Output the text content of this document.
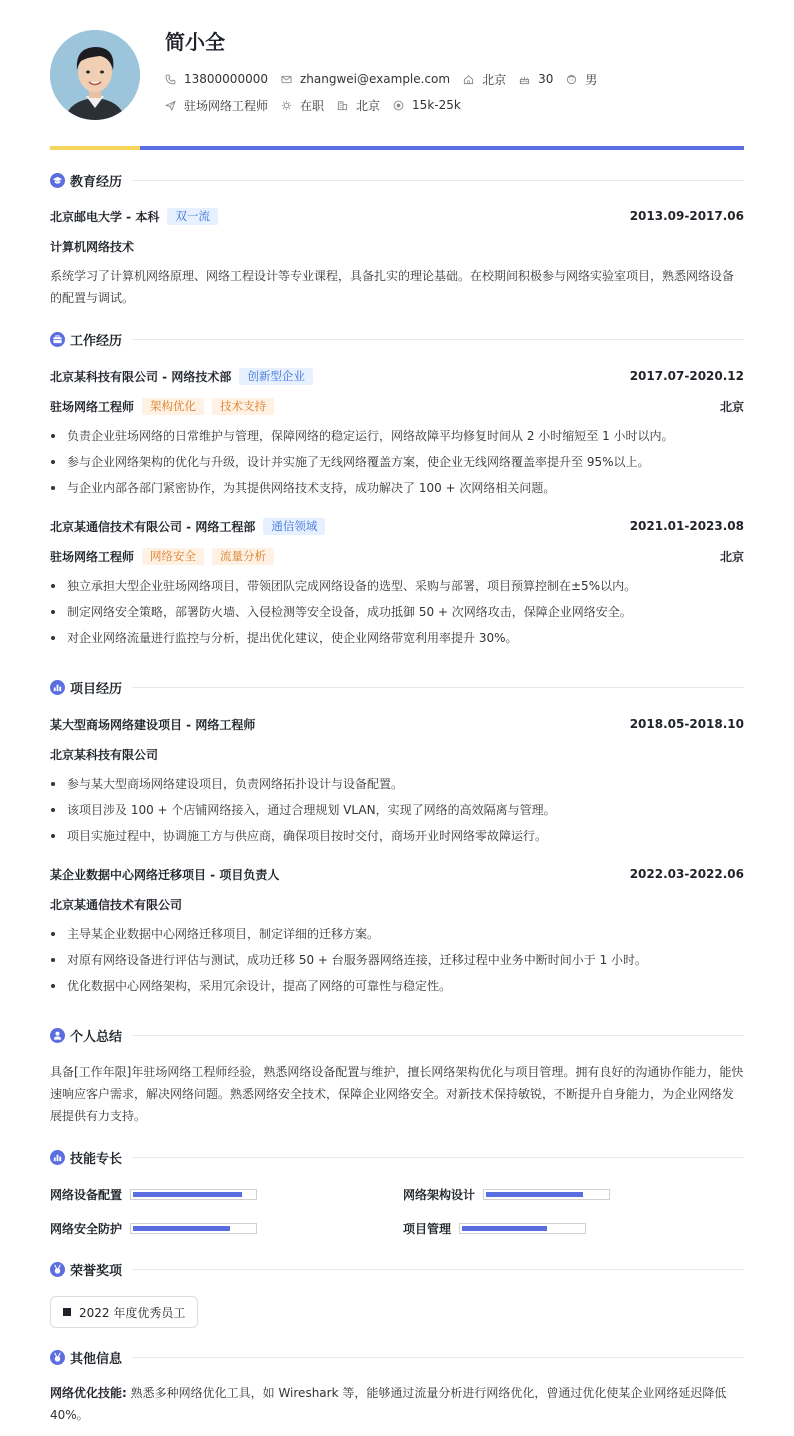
简小全
13800000000	zhangwei@example.com	北京	30	男
驻场网络工程师	在职	北京	15k-25k
教育经历
北京邮电大学 - 本科	双一流	2013.09-2017.06
计算机网络技术
系统学习了计算机网络原理、网络工程设计等专业课程，具备扎实的理论基础。在校期间积极参与网络实验室项目，熟悉网络设备的配置与调试。
工作经历
北京某科技有限公司 - 网络技术部	创新型企业	2017.07-2020.12
驻场网络工程师	架构优化	技术支持	北京
负责企业驻场网络的日常维护与管理，保障网络的稳定运行，网络故障平均修复时间从 2 小时缩短至 1 小时以内。
参与企业网络架构的优化与升级，设计并实施了无线网络覆盖方案，使企业无线网络覆盖率提升至 95%以上。
与企业内部各部门紧密协作，为其提供网络技术支持，成功解决了 100 + 次网络相关问题。
北京某通信技术有限公司 - 网络工程部	通信领域	2021.01-2023.08
驻场网络工程师	网络安全	流量分析	北京
独立承担大型企业驻场网络项目，带领团队完成网络设备的选型、采购与部署，项目预算控制在±5%以内。
制定网络安全策略，部署防火墙、入侵检测等安全设备，成功抵御 50 + 次网络攻击，保障企业网络安全。
对企业网络流量进行监控与分析，提出优化建议，使企业网络带宽利用率提升 30%。
项目经历
某大型商场网络建设项目 - 网络工程师	2018.05-2018.10
北京某科技有限公司
参与某大型商场网络建设项目，负责网络拓扑设计与设备配置。
该项目涉及 100 + 个店铺网络接入，通过合理规划 VLAN，实现了网络的高效隔离与管理。
项目实施过程中，协调施工方与供应商，确保项目按时交付，商场开业时网络零故障运行。
某企业数据中心网络迁移项目 - 项目负责人	2022.03-2022.06
北京某通信技术有限公司
主导某企业数据中心网络迁移项目，制定详细的迁移方案。
对原有网络设备进行评估与测试，成功迁移 50 + 台服务器网络连接，迁移过程中业务中断时间小于 1 小时。
优化数据中心网络架构，采用冗余设计，提高了网络的可靠性与稳定性。
个人总结
具备[工作年限]年驻场网络工程师经验，熟悉网络设备配置与维护，擅长网络架构优化与项目管理。拥有良好的沟通协作能力，能快速响应客户需求，解决网络问题。熟悉网络安全技术，保障企业网络安全。对新技术保持敏锐，不断提升自身能力，为企业网络发展提供有力支持。
技能专长
网络设备配置	网络架构设计
网络安全防护	项目管理
荣誉奖项
2022 年度优秀员工
其他信息
网络优化技能: 熟悉多种网络优化工具，如 Wireshark 等，能够通过流量分析进行网络优化，曾通过优化使某企业网络延迟降低 40%。
